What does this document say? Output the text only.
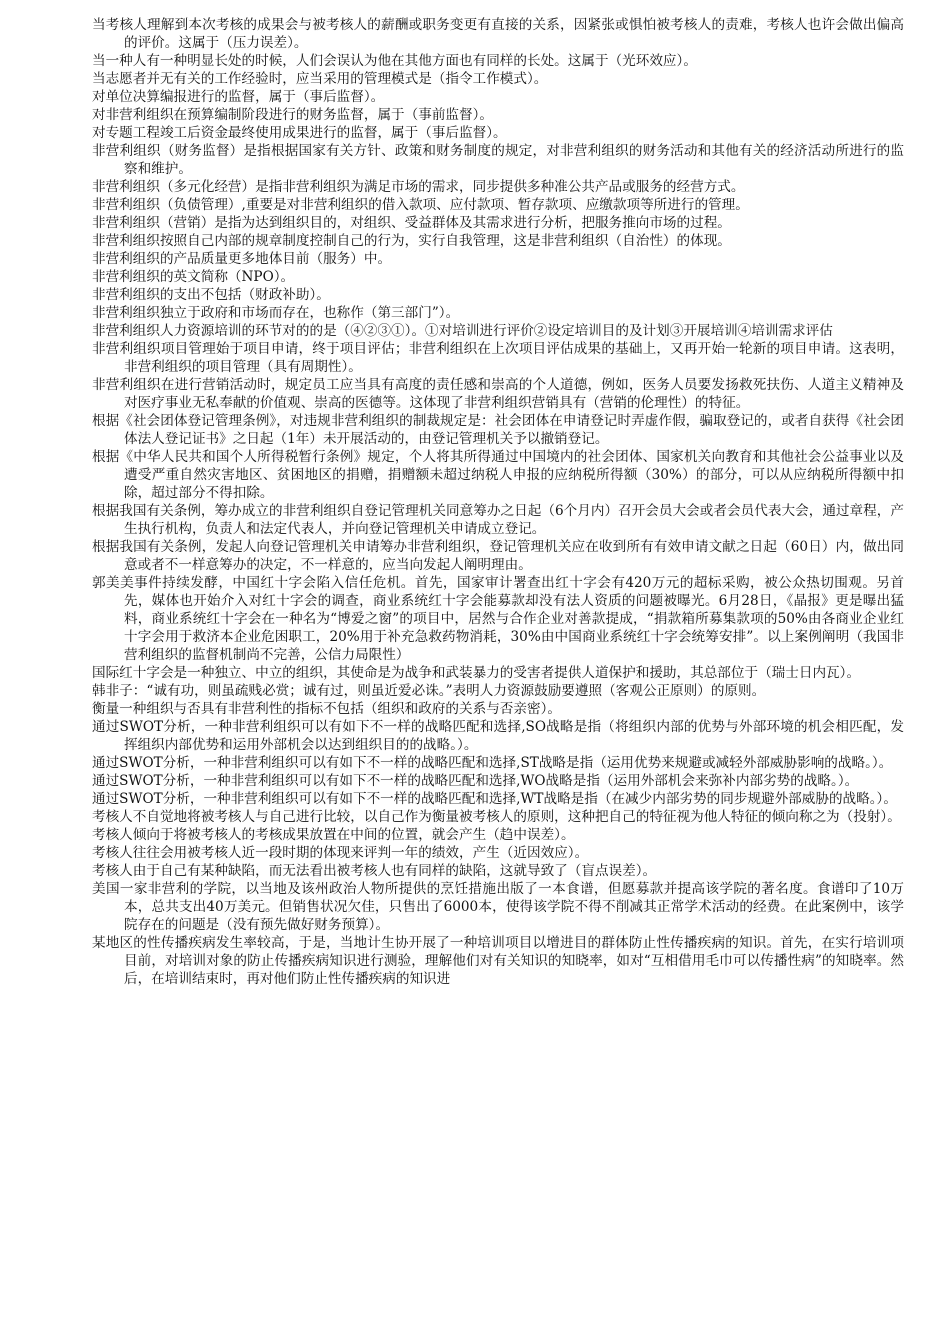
当考核人理解到本次考核的成果会与被考核人的薪酬或职务变更有直接的关系，因紧张或惧怕被考核人的责难，考核人也许会做出偏高的评价。这属于（压力误差）。

当一种人有一种明显长处的时候，人们会误认为他在其他方面也有同样的长处。这属于（光环效应）。

当志愿者并无有关的工作经验时，应当采用的管理模式是（指令工作模式）。

对单位决算编报进行的监督，属于（事后监督）。

对非营利组织在预算编制阶段进行的财务监督，属于（事前监督）。

对专题工程竣工后资金最终使用成果进行的监督，属于（事后监督）。

非营利组织（财务监督）是指根据国家有关方针、政策和财务制度的规定，对非营利组织的财务活动和其他有关的经济活动所进行的监察和维护。

非营利组织（多元化经营）是指非营利组织为满足市场的需求，同步提供多种准公共产品或服务的经营方式。

非营利组织（负债管理）,重要是对非营利组织的借入款项、应付款项、暂存款项、应缴款项等所进行的管理。

非营利组织（营销）是指为达到组织目的，对组织、受益群体及其需求进行分析，把服务推向市场的过程。

非营利组织按照自己内部的规章制度控制自己的行为，实行自我管理，这是非营利组织（自治性）的体现。

非营利组织的产品质量更多地体目前（服务）中。

非营利组织的英文简称（NPO）。

非营利组织的支出不包括（财政补助）。

非营利组织独立于政府和市场而存在，也称作（第三部门”）。

非营利组织人力资源培训的环节对的的是（④②③①）。①对培训进行评价②设定培训目的及计划③开展培训④培训需求评估

非营利组织项目管理始于项目申请，终于项目评估；非营利组织在上次项目评估成果的基础上，又再开始一轮新的项目申请。这表明，非营利组织的项目管理（具有周期性）。

非营利组织在进行营销活动时，规定员工应当具有高度的责任感和崇高的个人道德，例如，医务人员要发扬救死扶伤、人道主义精神及对医疗事业无私奉献的价值观、崇高的医德等。这体现了非营利组织营销具有（营销的伦理性）的特征。

根据《社会团体登记管理条例》，对违规非营利组织的制裁规定是：社会团体在申请登记时弄虚作假，骗取登记的，或者自获得《社会团体法人登记证书》之日起（1年）未开展活动的，由登记管理机关予以撤销登记。

根据《中华人民共和国个人所得税暂行条例》规定，个人将其所得通过中国境内的社会团体、国家机关向教育和其他社会公益事业以及遭受严重自然灾害地区、贫困地区的捐赠，捐赠额未超过纳税人申报的应纳税所得额（30%）的部分，可以从应纳税所得额中扣除，超过部分不得扣除。

根据我国有关条例，筹办成立的非营利组织自登记管理机关同意筹办之日起（6个月内）召开会员大会或者会员代表大会，通过章程，产生执行机构，负责人和法定代表人，并向登记管理机关申请成立登记。

根据我国有关条例，发起人向登记管理机关申请筹办非营利组织，登记管理机关应在收到所有有效申请文献之日起（60日）内，做出同意或者不一样意筹办的决定，不一样意的，应当向发起人阐明理由。

郭美美事件持续发酵，中国红十字会陷入信任危机。首先，国家审计署查出红十字会有420万元的超标采购，被公众热切围观。另首先，媒体也开始介入对红十字会的调查，商业系统红十字会能募款却没有法人资质的问题被曝光。6月28日，《晶报》更是曝出猛料，商业系统红十字会在一种名为“博爱之窗”的项目中，居然与合作企业对善款提成，“捐款箱所募集款项的50%由各商业企业红十字会用于救济本企业危困职工，20%用于补充急救药物消耗，30%由中国商业系统红十字会统筹安排”。以上案例阐明（我国非营利组织的监督机制尚不完善，公信力局限性）

国际红十字会是一种独立、中立的组织，其使命是为战争和武装暴力的受害者提供人道保护和援助，其总部位于（瑞士日内瓦）。

韩非子：“诚有功，则虽疏贱必赏；诚有过，则虽近爱必诛。”表明人力资源鼓励要遵照（客观公正原则）的原则。

衡量一种组织与否具有非营利性的指标不包括（组织和政府的关系与否亲密）。

通过SWOT分析，一种非营利组织可以有如下不一样的战略匹配和选择,SO战略是指（将组织内部的优势与外部环境的机会相匹配，发挥组织内部优势和运用外部机会以达到组织目的的战略。）。

通过SWOT分析，一种非营利组织可以有如下不一样的战略匹配和选择,ST战略是指（运用优势来规避或减轻外部威胁影响的战略。）。

通过SWOT分析，一种非营利组织可以有如下不一样的战略匹配和选择,WO战略是指（运用外部机会来弥补内部劣势的战略。）。

通过SWOT分析，一种非营利组织可以有如下不一样的战略匹配和选择,WT战略是指（在减少内部劣势的同步规避外部威胁的战略。）。

考核人不自觉地将被考核人与自己进行比较，以自己作为衡量被考核人的原则，这种把自己的特征视为他人特征的倾向称之为（投射）。

考核人倾向于将被考核人的考核成果放置在中间的位置，就会产生（趋中误差）。

考核人往往会用被考核人近一段时期的体现来评判一年的绩效，产生（近因效应）。

考核人由于自己有某种缺陷，而无法看出被考核人也有同样的缺陷，这就导致了（盲点误差）。

美国一家非营利的学院，以当地及该州政治人物所提供的烹饪措施出版了一本食谱，但愿募款并提高该学院的著名度。食谱印了10万本，总共支出40万美元。但销售状况欠佳，只售出了6000本，使得该学院不得不削减其正常学术活动的经费。在此案例中，该学院存在的问题是（没有预先做好财务预算）。

某地区的性传播疾病发生率较高，于是，当地计生协开展了一种培训项目以增进目的群体防止性传播疾病的知识。首先，在实行培训项目前，对培训对象的防止传播疾病知识进行测验，理解他们对有关知识的知晓率，如对“互相借用毛巾可以传播性病”的知晓率。然后，在培训结束时，再对他们防止性传播疾病的知识进
